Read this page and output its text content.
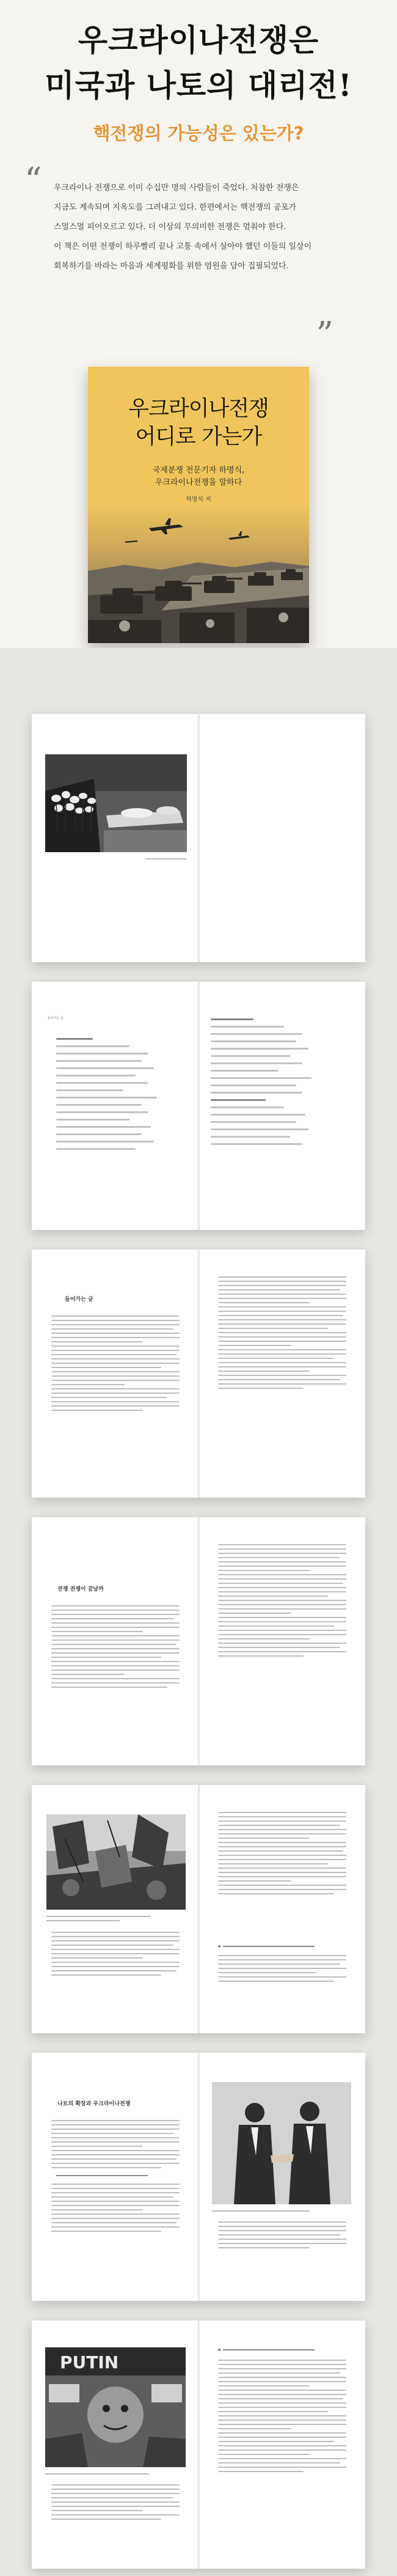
우크라이나전쟁은
미국과 나토의 대리전!
핵전쟁의 가능성은 있는가?
“ 우크라이나 전쟁으로 이미 수십만 명의 사람들이 죽었다. 처참한 전쟁은
지금도 계속되며 지옥도를 그려내고 있다. 한편에서는 핵전쟁의 공포가
스멀스멀 피어오르고 있다. 더 이상의 무의미한 전쟁은 멈춰야 한다.
이 책은 어떤 전쟁이 하루빨리 끝나 고통 속에서 살아야 했던 이들의 일상이
회복하기를 바라는 마음과 세계평화를 위한 염원을 담아 집필되었다.
”
우크라이나전쟁
어디로 가는가
국제분쟁 전문기자 하명식,
우크라이나전쟁을 말하다
하명식 지
들어가는 글
들어가는 글
전쟁 전쟁이 끝날까
나토의 확장과 우크라이나전쟁
PUTIN
